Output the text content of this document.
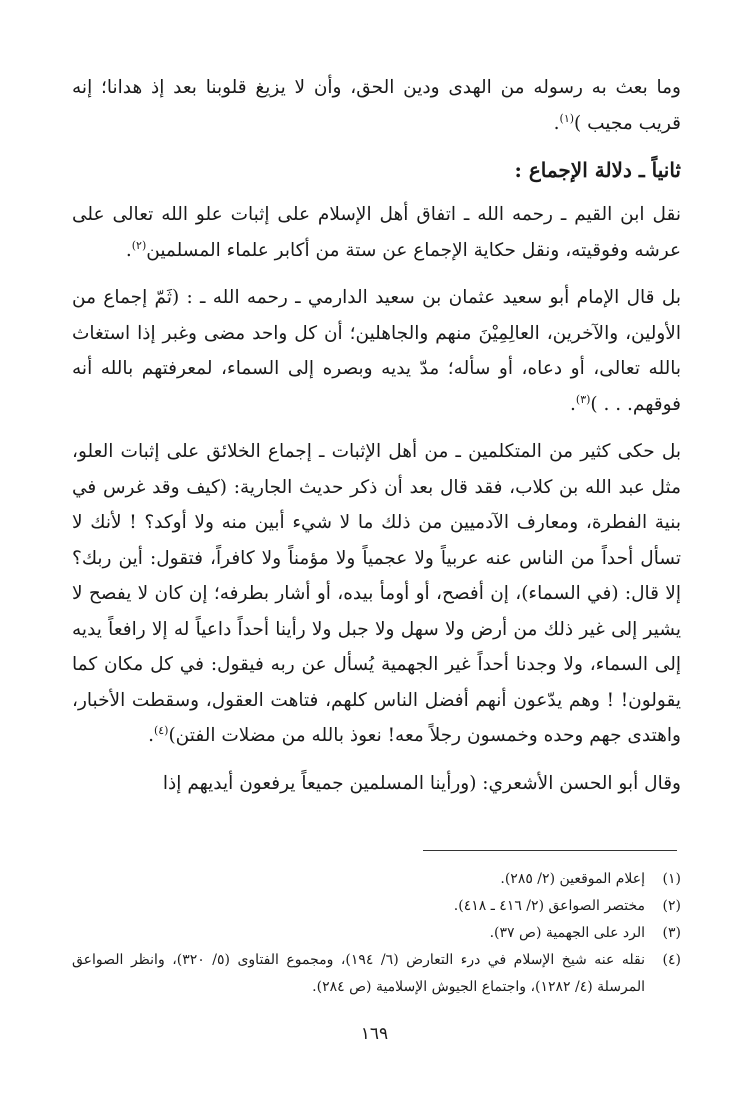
وما بعث به رسوله من الهدى ودين الحق، وأن لا يزيغ قلوبنا بعد إذ هدانا؛ إنه قريب مجيب )$^{(١)}$.

ثانياً ـ دلالة الإجماع :

نقل ابن القيم ـ رحمه الله ـ اتفاق أهل الإسلام على إثبات علو الله تعالى على عرشه وفوقيته، ونقل حكاية الإجماع عن ستة من أكابر علماء المسلمين$^{(٢)}$.

بل قال الإمام أبو سعيد عثمان بن سعيد الدارمي ـ رحمه الله ـ : (ثَمّ إجماع من الأولين، والآخرين، العالِمِيْنَ منهم والجاهلين؛ أن كل واحد مضى وغبر إذا استغاث بالله تعالى، أو دعاه، أو سأله؛ مدّ يديه وبصره إلى السماء، لمعرفتهم بالله أنه فوقهم. . . )$^{(٣)}$.

بل حكى كثير من المتكلمين ـ من أهل الإثبات ـ إجماع الخلائق على إثبات العلو، مثل عبد الله بن كلاب، فقد قال بعد أن ذكر حديث الجارية: (كيف وقد غرس في بنية الفطرة، ومعارف الآدميين من ذلك ما لا شيء أبين منه ولا أوكد؟ ! لأنك لا تسأل أحداً من الناس عنه عربياً ولا عجمياً ولا مؤمناً ولا كافراً، فتقول: أين ربك؟ إلا قال: (في السماء)، إن أفصح، أو أومأ بيده، أو أشار بطرفه؛ إن كان لا يفصح لا يشير إلى غير ذلك من أرض ولا سهل ولا جبل ولا رأينا أحداً داعياً له إلا رافعاً يديه إلى السماء، ولا وجدنا أحداً غير الجهمية يُسأل عن ربه فيقول: في كل مكان كما يقولون! ! وهم يدّعون أنهم أفضل الناس كلهم، فتاهت العقول، وسقطت الأخبار، واهتدى جهم وحده وخمسون رجلاً معه! نعوذ بالله من مضلات الفتن)$^{(٤)}$.

وقال أبو الحسن الأشعري: (ورأينا المسلمين جميعاً يرفعون أيديهم إذا

(١)
إعلام الموقعين (٢/ ٢٨٥).
(٢)
مختصر الصواعق (٢/ ٤١٦ ـ ٤١٨).
(٣)
الرد على الجهمية (ص ٣٧).
(٤)
نقله عنه شيخ الإسلام في درء التعارض (٦/ ١٩٤)، ومجموع الفتاوى (٥/ ٣٢٠)، وانظر الصواعق المرسلة (٤/ ١٢٨٢)، واجتماع الجيوش الإسلامية (ص ٢٨٤).
١٦٩
